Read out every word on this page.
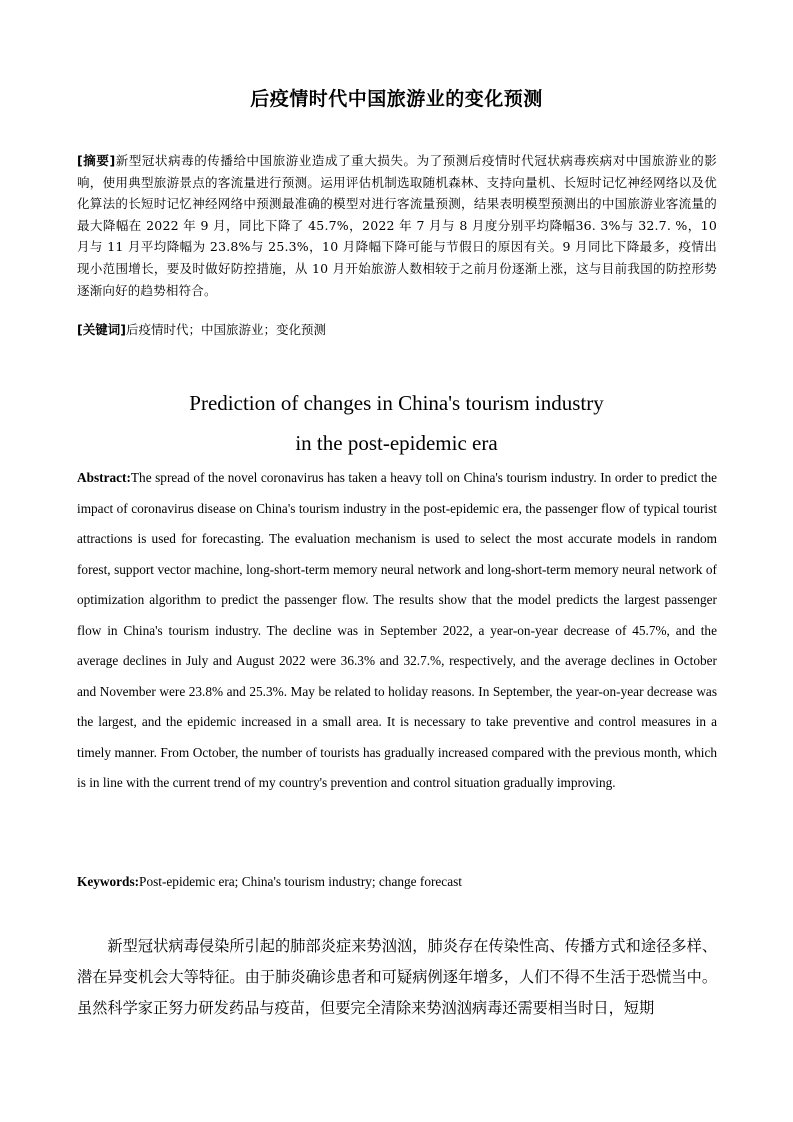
后疫情时代中国旅游业的变化预测
[摘要]新型冠状病毒的传播给中国旅游业造成了重大损失。为了预测后疫情时代冠状病毒疾病对中国旅游业的影响，使用典型旅游景点的客流量进行预测。运用评估机制选取随机森林、支持向量机、长短时记忆神经网络以及优化算法的长短时记忆神经网络中预测最准确的模型对进行客流量预测，结果表明模型预测出的中国旅游业客流量的最大降幅在 2022 年 9 月，同比下降了 45.7%，2022 年 7 月与 8 月度分别平均降幅36. 3%与 32.7. %，10 月与 11 月平均降幅为 23.8%与 25.3%，10 月降幅下降可能与节假日的原因有关。9 月同比下降最多，疫情出现小范围增长，要及时做好防控措施，从 10 月开始旅游人数相较于之前月份逐渐上涨，这与目前我国的防控形势逐渐向好的趋势相符合。
[关键词]后疫情时代；中国旅游业；变化预测
Prediction of changes in China's tourism industry
in the post-epidemic era
Abstract:The spread of the novel coronavirus has taken a heavy toll on China's tourism industry. In order to predict the impact of coronavirus disease on China's tourism industry in the post-epidemic era, the passenger flow of typical tourist attractions is used for forecasting. The evaluation mechanism is used to select the most accurate models in random forest, support vector machine, long-short-term memory neural network and long-short-term memory neural network of optimization algorithm to predict the passenger flow. The results show that the model predicts the largest passenger flow in China's tourism industry. The decline was in September 2022, a year-on-year decrease of 45.7%, and the average declines in July and August 2022 were 36.3% and 32.7.%, respectively, and the average declines in October and November were 23.8% and 25.3%. May be related to holiday reasons. In September, the year-on-year decrease was the largest, and the epidemic increased in a small area. It is necessary to take preventive and control measures in a timely manner. From October, the number of tourists has gradually increased compared with the previous month, which is in line with the current trend of my country's prevention and control situation gradually improving.
Keywords:Post-epidemic era; China's tourism industry; change forecast

新型冠状病毒侵染所引起的肺部炎症来势汹汹，肺炎存在传染性高、传播方式和途径多样、潜在异变机会大等特征。由于肺炎确诊患者和可疑病例逐年增多，人们不得不生活于恐慌当中。虽然科学家正努力研发药品与疫苗，但要完全清除来势汹汹病毒还需要相当时日，短期
